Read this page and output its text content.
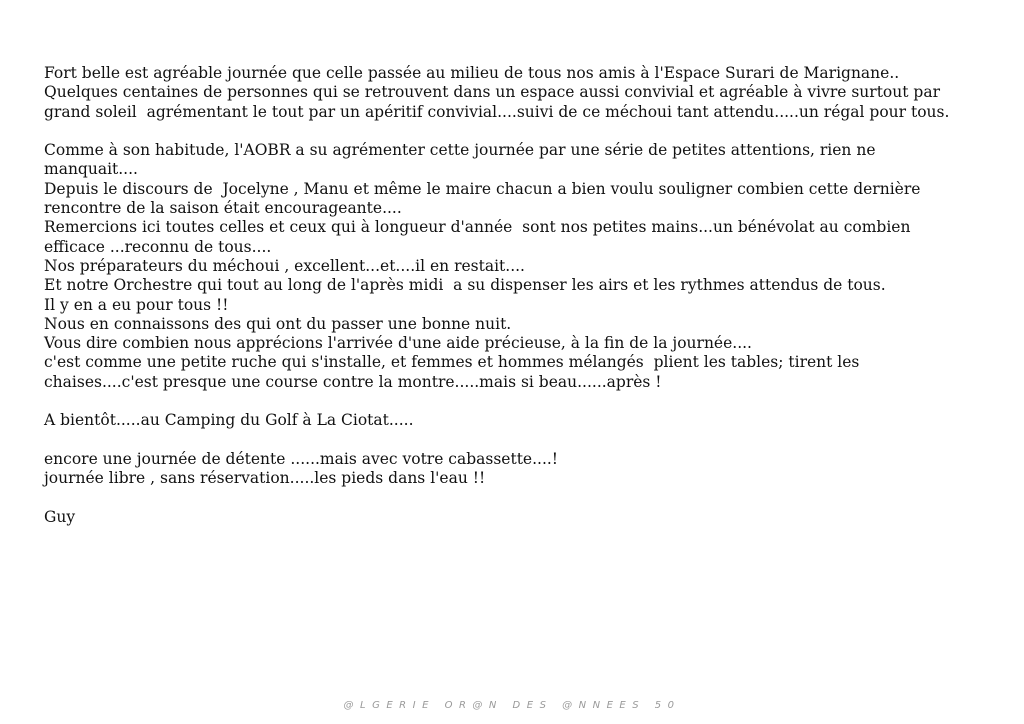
Fort belle est agréable journée que celle passée au milieu de tous nos amis à l'Espace Surari de Marignane..
Quelques centaines de personnes qui se retrouvent dans un espace aussi convivial et agréable à vivre surtout par
grand soleil  agrémentant le tout par un apéritif convivial....suivi de ce méchoui tant attendu.....un régal pour tous.
Comme à son habitude, l'AOBR a su agrémenter cette journée par une série de petites attentions, rien ne
manquait....
Depuis le discours de  Jocelyne , Manu et même le maire chacun a bien voulu souligner combien cette dernière
rencontre de la saison était encourageante....
Remercions ici toutes celles et ceux qui à longueur d'année  sont nos petites mains...un bénévolat au combien
efficace ...reconnu de tous....
Nos préparateurs du méchoui , excellent...et....il en restait....
Et notre Orchestre qui tout au long de l'après midi  a su dispenser les airs et les rythmes attendus de tous.
Il y en a eu pour tous !!
Nous en connaissons des qui ont du passer une bonne nuit.
Vous dire combien nous apprécions l'arrivée d'une aide précieuse, à la fin de la journée....
c'est comme une petite ruche qui s'installe, et femmes et hommes mélangés  plient les tables; tirent les
chaises....c'est presque une course contre la montre.....mais si beau......après !
A bientôt.....au Camping du Golf à La Ciotat.....
encore une journée de détente ......mais avec votre cabassette....!
journée libre , sans réservation.....les pieds dans l'eau !!
Guy
@LGERIE OR@N DES @NNEES 50
